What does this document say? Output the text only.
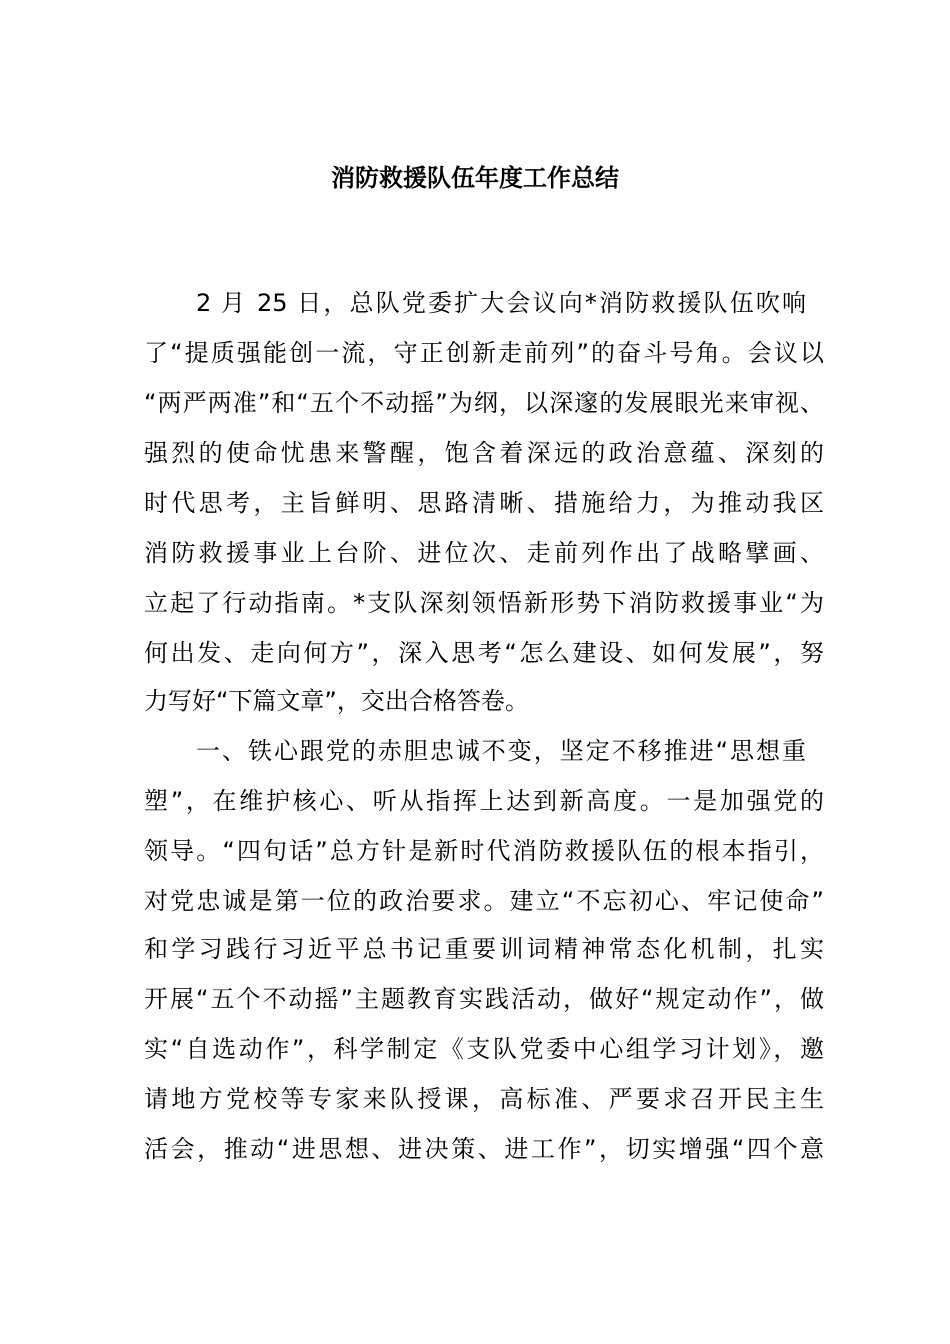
消防救援队伍年度工作总结
2 月 25 日，总队党委扩大会议向*消防救援队伍吹响
了“提质强能创一流，守正创新走前列”的奋斗号角。会议以
“两严两准”和“五个不动摇”为纲，以深邃的发展眼光来审视、
强烈的使命忧患来警醒，饱含着深远的政治意蕴、深刻的
时代思考，主旨鲜明、思路清晰、措施给力，为推动我区
消防救援事业上台阶、进位次、走前列作出了战略擘画、
立起了行动指南。*支队深刻领悟新形势下消防救援事业“为
何出发、走向何方”，深入思考“怎么建设、如何发展”，努
力写好“下篇文章”，交出合格答卷。
一、铁心跟党的赤胆忠诚不变，坚定不移推进“思想重
塑”，在维护核心、听从指挥上达到新高度。一是加强党的
领导。“四句话”总方针是新时代消防救援队伍的根本指引，
对党忠诚是第一位的政治要求。建立“不忘初心、牢记使命”
和学习践行习近平总书记重要训词精神常态化机制，扎实
开展“五个不动摇”主题教育实践活动，做好“规定动作”，做
实“自选动作”，科学制定《支队党委中心组学习计划》，邀
请地方党校等专家来队授课，高标准、严要求召开民主生
活会，推动“进思想、进决策、进工作”，切实增强“四个意
